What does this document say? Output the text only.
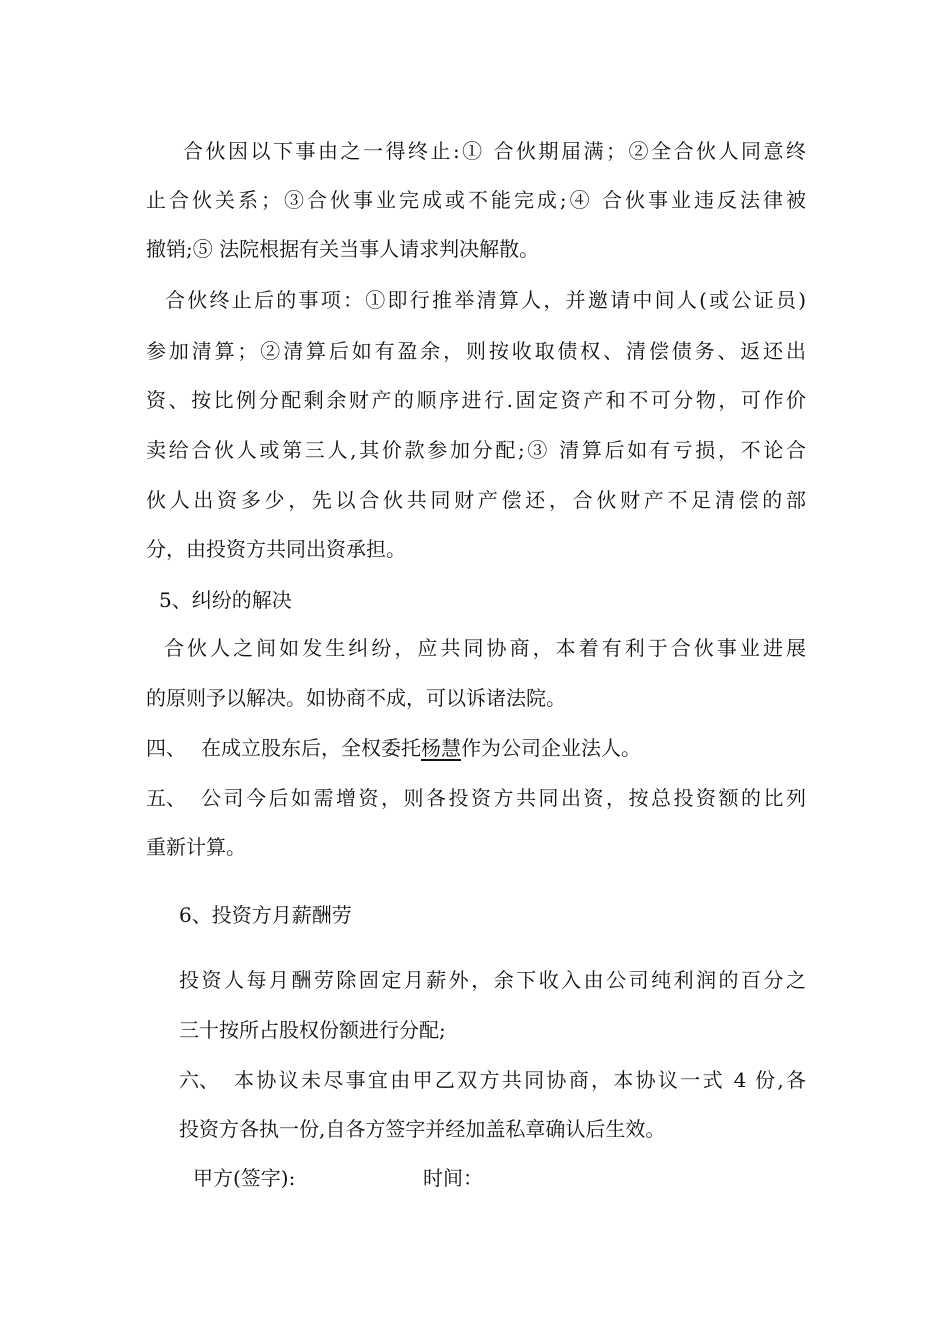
合伙因以下事由之一得终止:① 合伙期届满；②全合伙人同意终
止合伙关系；③合伙事业完成或不能完成;④ 合伙事业违反法律被
撤销;⑤ 法院根据有关当事人请求判决解散。
合伙终止后的事项：①即行推举清算人，并邀请中间人(或公证员)
参加清算；②清算后如有盈余，则按收取债权、清偿债务、返还出
资、按比例分配剩余财产的顺序进行.固定资产和不可分物，可作价
卖给合伙人或第三人,其价款参加分配;③ 清算后如有亏损，不论合
伙人出资多少，先以合伙共同财产偿还，合伙财产不足清偿的部
分，由投资方共同出资承担。
5、纠纷的解决
合伙人之间如发生纠纷，应共同协商，本着有利于合伙事业进展
的原则予以解决。如协商不成，可以诉诸法院。
四、 在成立股东后，全权委托杨慧作为公司企业法人。
五、 公司今后如需增资，则各投资方共同出资，按总投资额的比列
重新计算。
6、投资方月薪酬劳
投资人每月酬劳除固定月薪外，余下收入由公司纯利润的百分之
三十按所占股权份额进行分配;
六、 本协议未尽事宜由甲乙双方共同协商，本协议一式 4 份,各
投资方各执一份,自各方签字并经加盖私章确认后生效。
甲方(签字):	时间：
